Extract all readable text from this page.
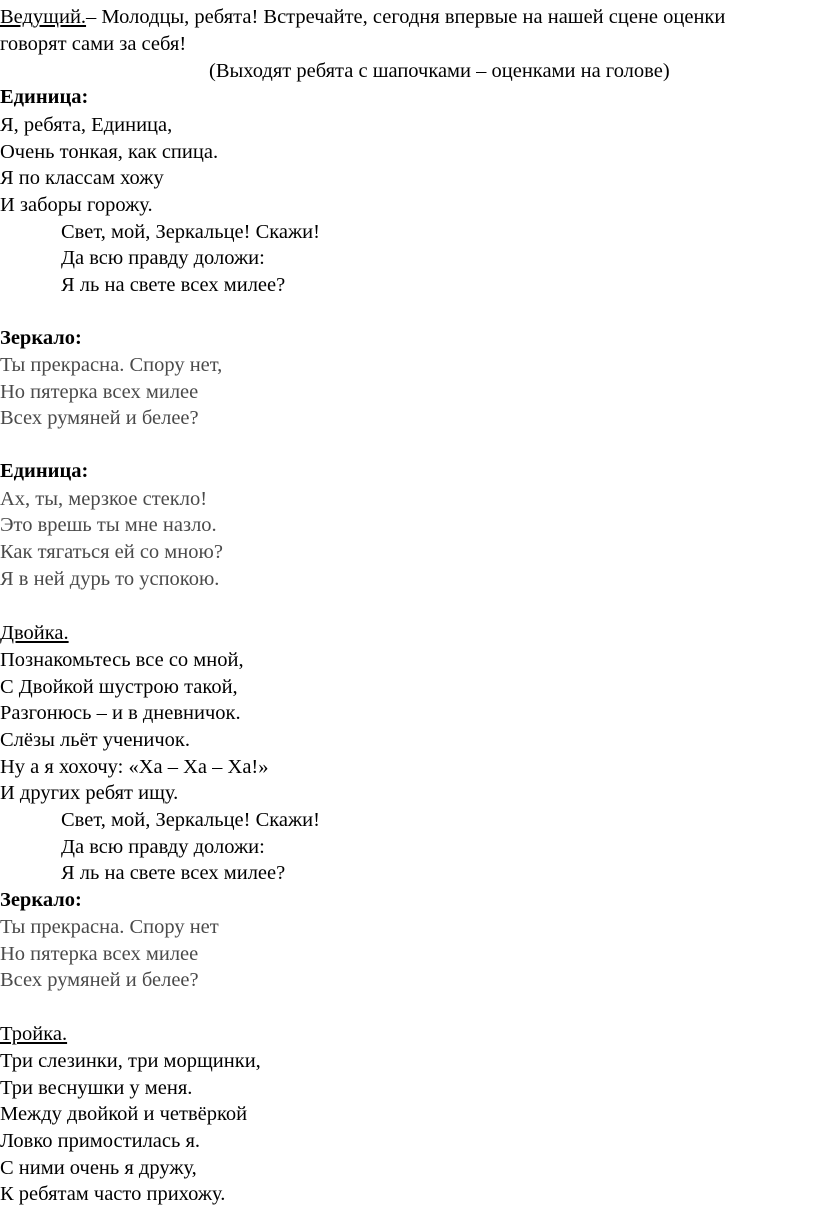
Ведущий.– Молодцы, ребята! Встречайте, сегодня впервые на нашей сцене оценки
говорят сами за себя!
(Выходят ребята с шапочками – оценками на голове)
Единица:
Я, ребята, Единица,
Очень тонкая, как спица.
Я по классам хожу
И заборы горожу.
Свет, мой, Зеркальце! Скажи!
Да всю правду доложи:
Я ль на свете всех милее?
Зеркало:
Ты прекрасна. Спору нет,
Но пятерка всех милее
Всех румяней и белее?
Единица:
Ах, ты, мерзкое стекло!
Это врешь ты мне назло.
Как тягаться ей со мною?
Я в ней дурь то успокою.
Двойка.
Познакомьтесь все со мной,
С Двойкой шустрою такой,
Разгонюсь – и в дневничок.
Слёзы льёт ученичок.
Ну а я хохочу: «Ха – Ха – Ха!»
И других ребят ищу.
Свет, мой, Зеркальце! Скажи!
Да всю правду доложи:
Я ль на свете всех милее?
Зеркало:
Ты прекрасна. Спору нет
Но пятерка всех милее
Всех румяней и белее?
Тройка.
Три слезинки, три морщинки,
Три веснушки у меня.
Между двойкой и четвёркой
Ловко примостилась я.
С ними очень я дружу,
К ребятам часто прихожу.
